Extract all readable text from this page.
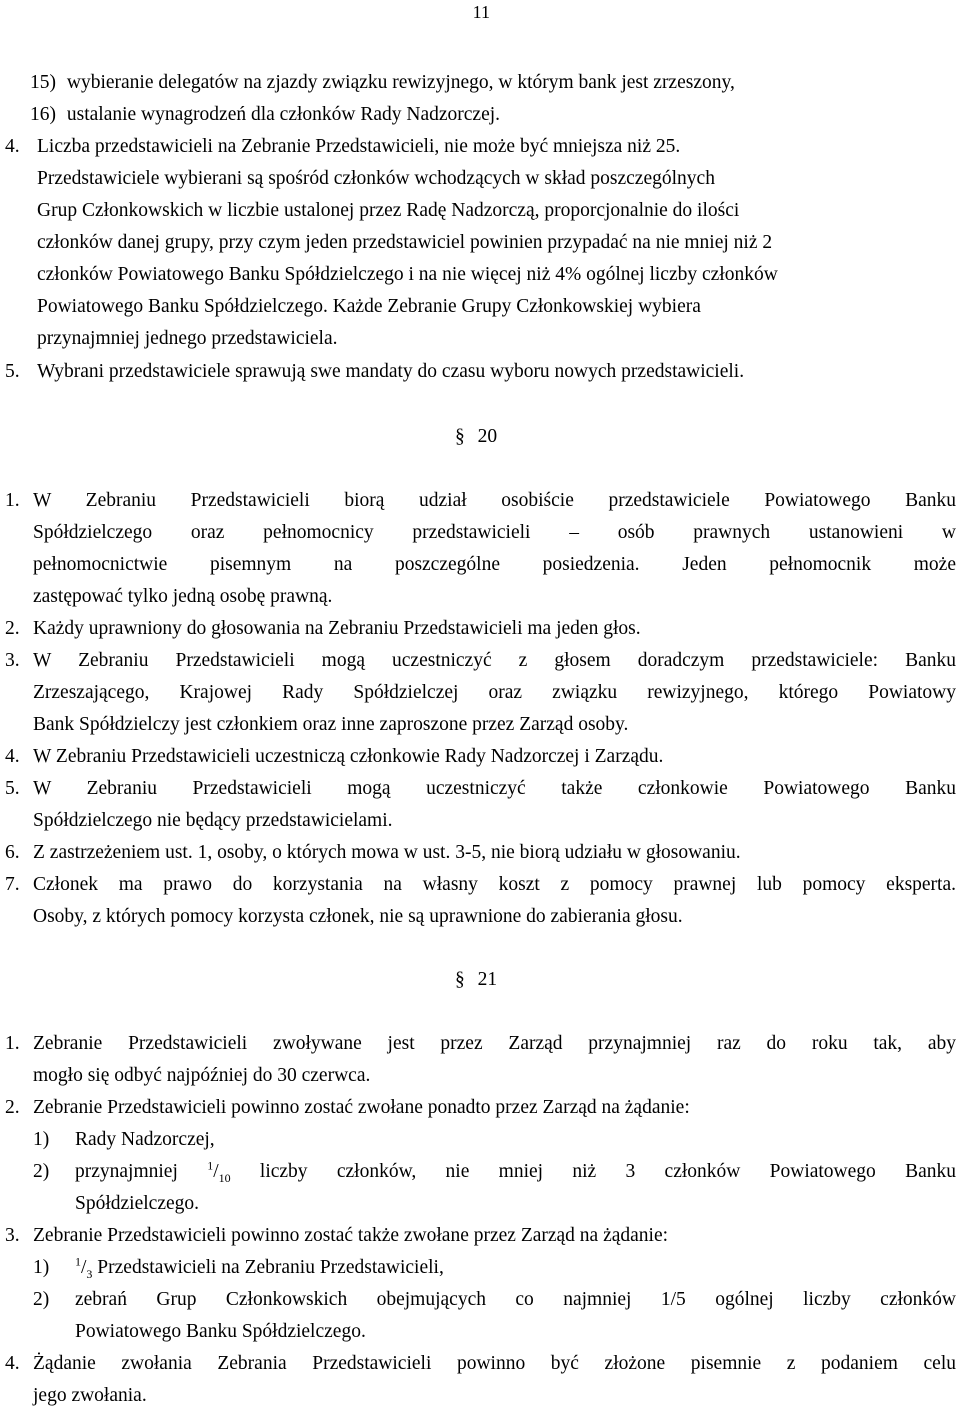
11
15) wybieranie delegatów na zjazdy związku rewizyjnego, w którym bank jest zrzeszony,
16) ustalanie wynagrodzeń dla członków Rady Nadzorczej.
4. Liczba przedstawicieli na Zebranie Przedstawicieli, nie może być mniejsza niż 25.
Przedstawiciele wybierani są spośród członków wchodzących w skład poszczególnych
Grup Członkowskich w liczbie ustalonej przez Radę Nadzorczą, proporcjonalnie do ilości
członków danej grupy, przy czym jeden przedstawiciel powinien przypadać na nie mniej niż 2
członków Powiatowego Banku Spółdzielczego i na nie więcej niż 4% ogólnej liczby członków
Powiatowego Banku Spółdzielczego. Każde Zebranie Grupy Członkowskiej wybiera
przynajmniej jednego przedstawiciela.
5. Wybrani przedstawiciele sprawują swe mandaty do czasu wyboru nowych przedstawicieli.
§ 20
1. W Zebraniu Przedstawicieli biorą udział osobiście przedstawiciele Powiatowego Banku
Spółdzielczego oraz pełnomocnicy przedstawicieli – osób prawnych ustanowieni w
pełnomocnictwie pisemnym na poszczególne posiedzenia. Jeden pełnomocnik może
zastępować tylko jedną osobę prawną.
2. Każdy uprawniony do głosowania na Zebraniu Przedstawicieli ma jeden głos.
3. W Zebraniu Przedstawicieli mogą uczestniczyć z głosem doradczym przedstawiciele: Banku
Zrzeszającego, Krajowej Rady Spółdzielczej oraz związku rewizyjnego, którego Powiatowy
Bank Spółdzielczy jest członkiem oraz inne zaproszone przez Zarząd osoby.
4. W Zebraniu Przedstawicieli uczestniczą członkowie Rady Nadzorczej i Zarządu.
5. W Zebraniu Przedstawicieli mogą uczestniczyć także członkowie Powiatowego Banku
Spółdzielczego nie będący przedstawicielami.
6. Z zastrzeżeniem ust. 1, osoby, o których mowa w ust. 3-5, nie biorą udziału w głosowaniu.
7. Członek ma prawo do korzystania na własny koszt z pomocy prawnej lub pomocy eksperta.
Osoby, z których pomocy korzysta członek, nie są uprawnione do zabierania głosu.
§ 21
1. Zebranie Przedstawicieli zwoływane jest przez Zarząd przynajmniej raz do roku tak, aby
mogło się odbyć najpóźniej do 30 czerwca.
2. Zebranie Przedstawicieli powinno zostać zwołane ponadto przez Zarząd na żądanie:
1)	Rady Nadzorczej,
2)	przynajmniej $^1/_{10}$ liczby członków, nie mniej niż 3 członków Powiatowego Banku
Spółdzielczego.
3. Zebranie Przedstawicieli powinno zostać także zwołane przez Zarząd na żądanie:
1)	$^1/_3$ Przedstawicieli na Zebraniu Przedstawicieli,
2)	zebrań Grup Członkowskich obejmujących co najmniej 1/5 ogólnej liczby członków
Powiatowego Banku Spółdzielczego.
4. Żądanie zwołania Zebrania Przedstawicieli powinno być złożone pisemnie z podaniem celu
jego zwołania.
